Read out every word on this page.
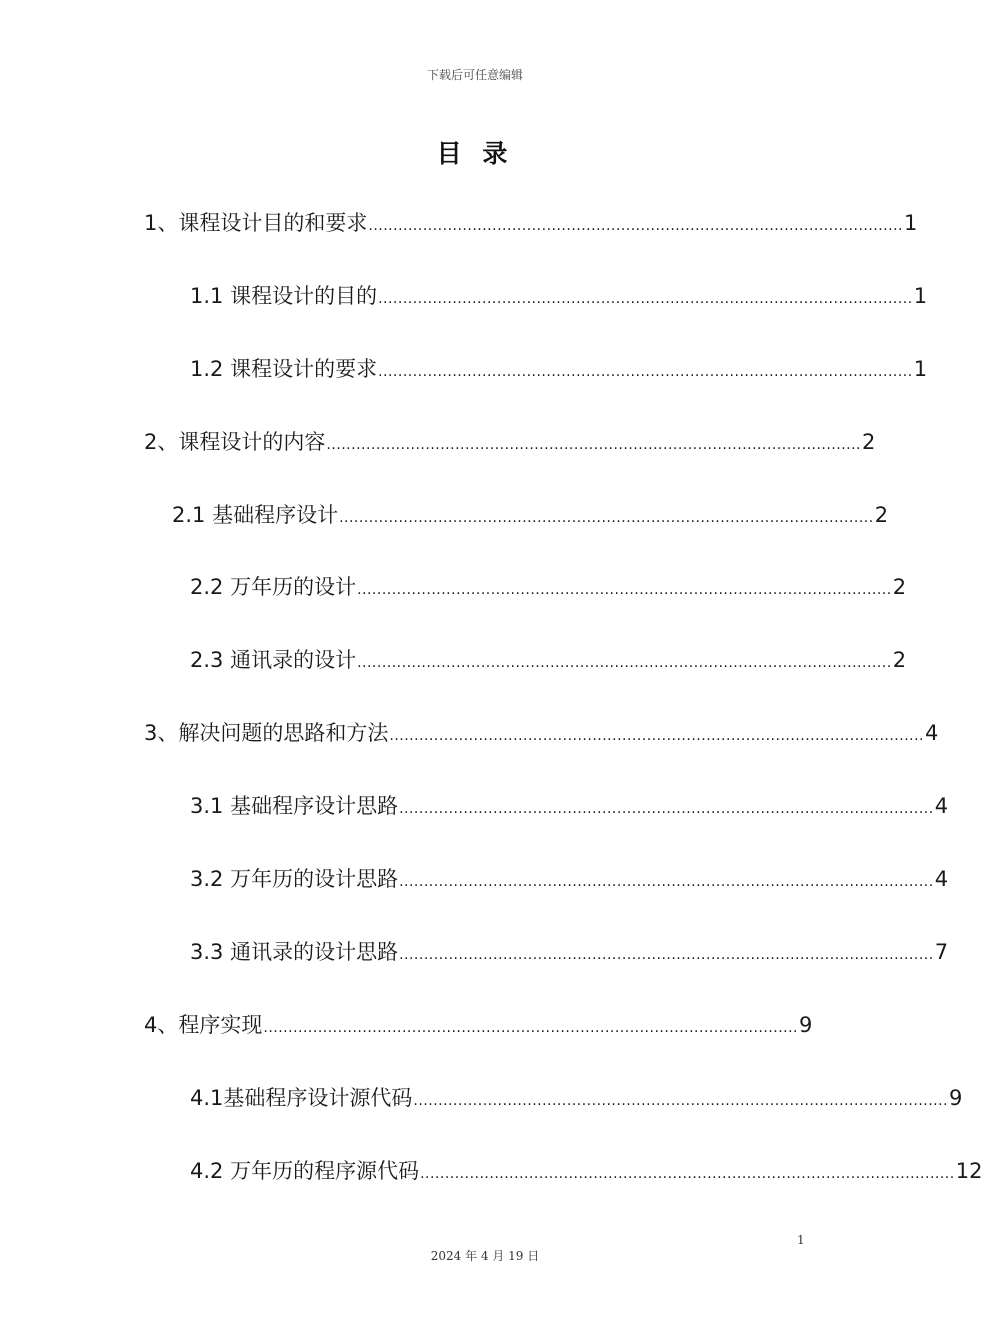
下载后可任意编辑
目 录
1、课程设计目的和要求 ............................................................................................................ 1
1.1 课程设计的目的 ............................................................................................................ 1
1.2 课程设计的要求 ............................................................................................................ 1
2、课程设计的内容 ............................................................................................................ 2
2.1 基础程序设计 ............................................................................................................ 2
2.2 万年历的设计 ............................................................................................................ 2
2.3 通讯录的设计 ............................................................................................................ 2
3、解决问题的思路和方法 ............................................................................................................ 4
3.1 基础程序设计思路 ............................................................................................................ 4
3.2 万年历的设计思路 ............................................................................................................ 4
3.3 通讯录的设计思路 ............................................................................................................ 7
4、程序实现 ............................................................................................................ 9
4.1基础程序设计源代码 ............................................................................................................ 9
4.2 万年历的程序源代码 ............................................................................................................ 12
1
2024 年 4 月 19 日
